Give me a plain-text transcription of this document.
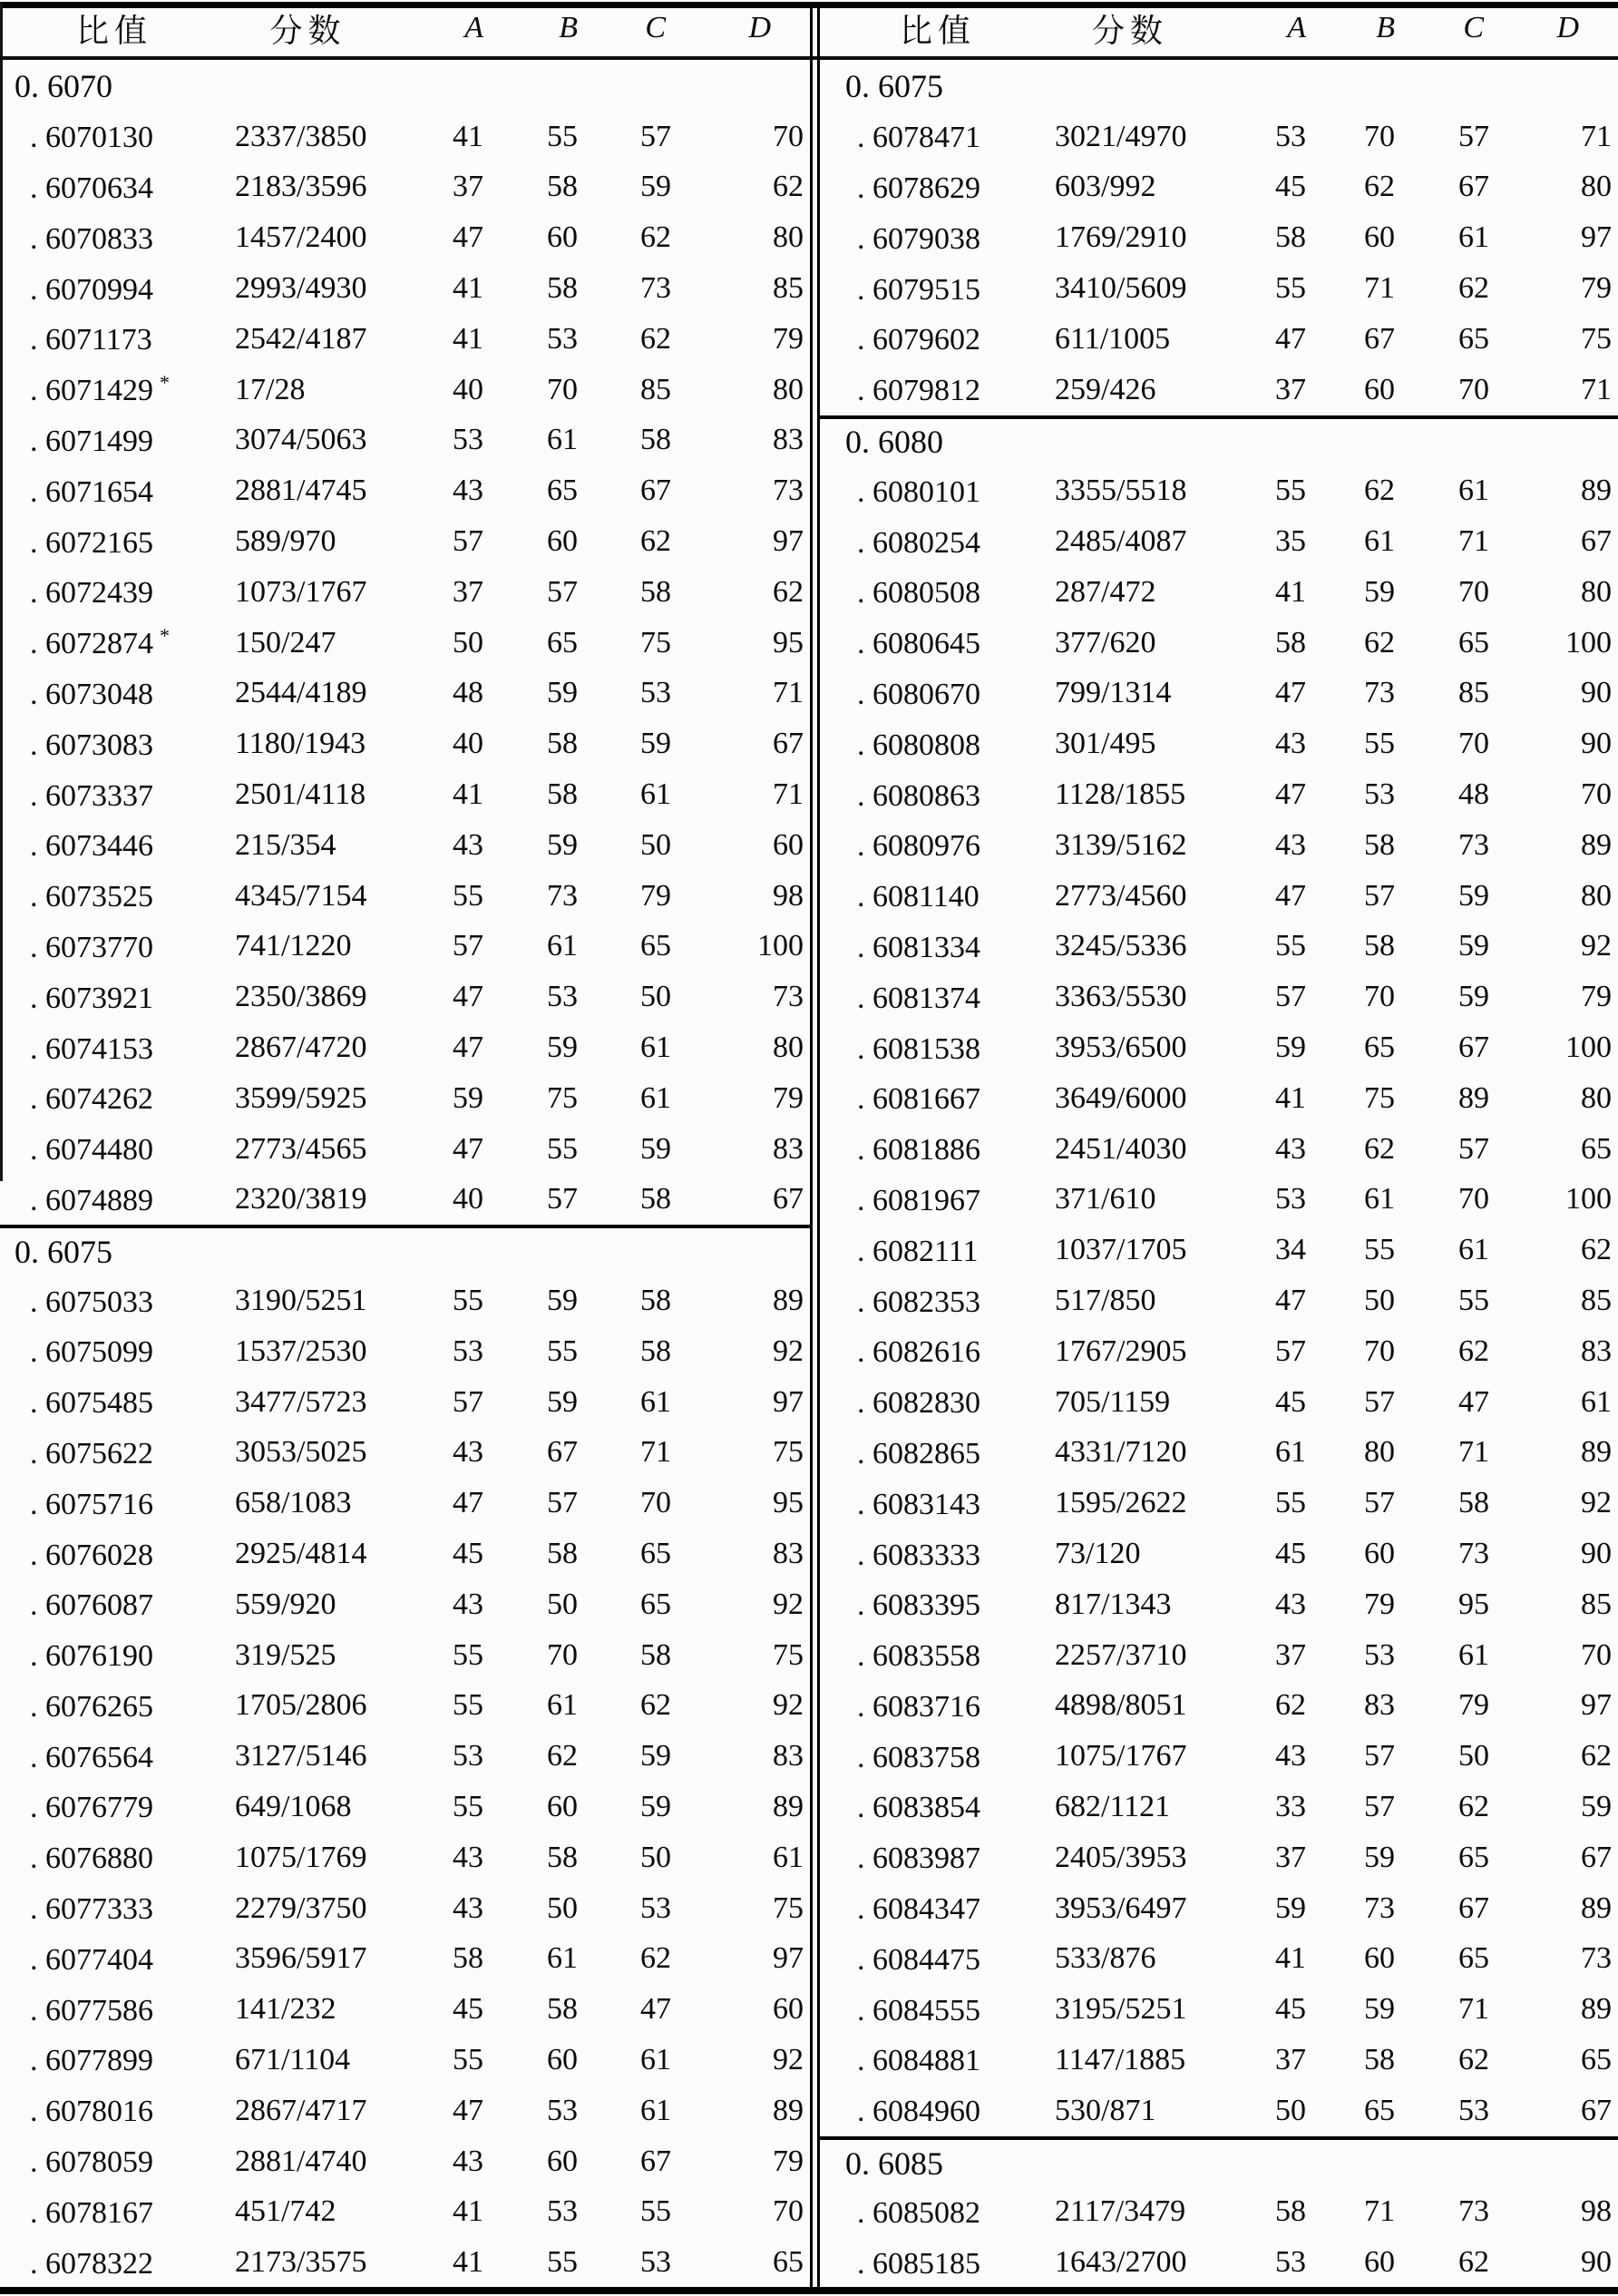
比值	分数	A	B	C	D
0. 6070
. 6070130	2337/3850	41	55	57	70
. 6070634	2183/3596	37	58	59	62
. 6070833	1457/2400	47	60	62	80
. 6070994	2993/4930	41	58	73	85
. 6071173	2542/4187	41	53	62	79
. 6071429 *	17/28	40	70	85	80
. 6071499	3074/5063	53	61	58	83
. 6071654	2881/4745	43	65	67	73
. 6072165	589/970	57	60	62	97
. 6072439	1073/1767	37	57	58	62
. 6072874 *	150/247	50	65	75	95
. 6073048	2544/4189	48	59	53	71
. 6073083	1180/1943	40	58	59	67
. 6073337	2501/4118	41	58	61	71
. 6073446	215/354	43	59	50	60
. 6073525	4345/7154	55	73	79	98
. 6073770	741/1220	57	61	65	100
. 6073921	2350/3869	47	53	50	73
. 6074153	2867/4720	47	59	61	80
. 6074262	3599/5925	59	75	61	79
. 6074480	2773/4565	47	55	59	83
. 6074889	2320/3819	40	57	58	67
0. 6075
. 6075033	3190/5251	55	59	58	89
. 6075099	1537/2530	53	55	58	92
. 6075485	3477/5723	57	59	61	97
. 6075622	3053/5025	43	67	71	75
. 6075716	658/1083	47	57	70	95
. 6076028	2925/4814	45	58	65	83
. 6076087	559/920	43	50	65	92
. 6076190	319/525	55	70	58	75
. 6076265	1705/2806	55	61	62	92
. 6076564	3127/5146	53	62	59	83
. 6076779	649/1068	55	60	59	89
. 6076880	1075/1769	43	58	50	61
. 6077333	2279/3750	43	50	53	75
. 6077404	3596/5917	58	61	62	97
. 6077586	141/232	45	58	47	60
. 6077899	671/1104	55	60	61	92
. 6078016	2867/4717	47	53	61	89
. 6078059	2881/4740	43	60	67	79
. 6078167	451/742	41	53	55	70
. 6078322	2173/3575	41	55	53	65
比值	分数	A	B	C	D
0. 6075
. 6078471	3021/4970	53	70	57	71
. 6078629	603/992	45	62	67	80
. 6079038	1769/2910	58	60	61	97
. 6079515	3410/5609	55	71	62	79
. 6079602	611/1005	47	67	65	75
. 6079812	259/426	37	60	70	71
0. 6080
. 6080101	3355/5518	55	62	61	89
. 6080254	2485/4087	35	61	71	67
. 6080508	287/472	41	59	70	80
. 6080645	377/620	58	62	65	100
. 6080670	799/1314	47	73	85	90
. 6080808	301/495	43	55	70	90
. 6080863	1128/1855	47	53	48	70
. 6080976	3139/5162	43	58	73	89
. 6081140	2773/4560	47	57	59	80
. 6081334	3245/5336	55	58	59	92
. 6081374	3363/5530	57	70	59	79
. 6081538	3953/6500	59	65	67	100
. 6081667	3649/6000	41	75	89	80
. 6081886	2451/4030	43	62	57	65
. 6081967	371/610	53	61	70	100
. 6082111	1037/1705	34	55	61	62
. 6082353	517/850	47	50	55	85
. 6082616	1767/2905	57	70	62	83
. 6082830	705/1159	45	57	47	61
. 6082865	4331/7120	61	80	71	89
. 6083143	1595/2622	55	57	58	92
. 6083333	73/120	45	60	73	90
. 6083395	817/1343	43	79	95	85
. 6083558	2257/3710	37	53	61	70
. 6083716	4898/8051	62	83	79	97
. 6083758	1075/1767	43	57	50	62
. 6083854	682/1121	33	57	62	59
. 6083987	2405/3953	37	59	65	67
. 6084347	3953/6497	59	73	67	89
. 6084475	533/876	41	60	65	73
. 6084555	3195/5251	45	59	71	89
. 6084881	1147/1885	37	58	62	65
. 6084960	530/871	50	65	53	67
0. 6085
. 6085082	2117/3479	58	71	73	98
. 6085185	1643/2700	53	60	62	90
